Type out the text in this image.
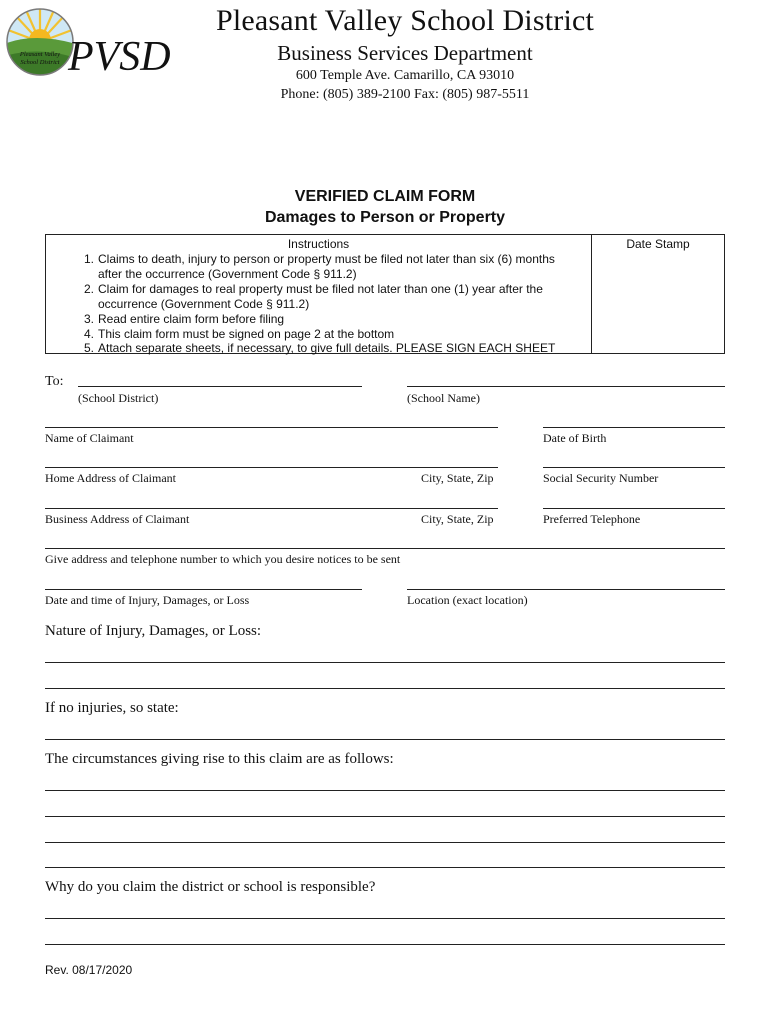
Pleasant Valley
School District PVSD
Pleasant Valley School District
Business Services Department
600 Temple Ave. Camarillo, CA 93010
Phone: (805) 389-2100 Fax: (805) 987-5511
VERIFIED CLAIM FORM
Damages to Person or Property
Instructions
1. Claims to death, injury to person or property must be filed not later than six (6) months
after the occurrence (Government Code § 911.2)
2. Claim for damages to real property must be filed not later than one (1) year after the
occurrence (Government Code § 911.2)
3. Read entire claim form before filing
4. This claim form must be signed on page 2 at the bottom
5. Attach separate sheets, if necessary, to give full details. PLEASE SIGN EACH SHEET
Date Stamp
To:
(School District)	(School Name)
Name of Claimant	Date of Birth
Home Address of Claimant	City, State, Zip	Social Security Number
Business Address of Claimant	City, State, Zip	Preferred Telephone
Give address and telephone number to which you desire notices to be sent
Date and time of Injury, Damages, or Loss	Location (exact location)
Nature of Injury, Damages, or Loss:
If no injuries, so state:
The circumstances giving rise to this claim are as follows:
Why do you claim the district or school is responsible?
Rev. 08/17/2020
